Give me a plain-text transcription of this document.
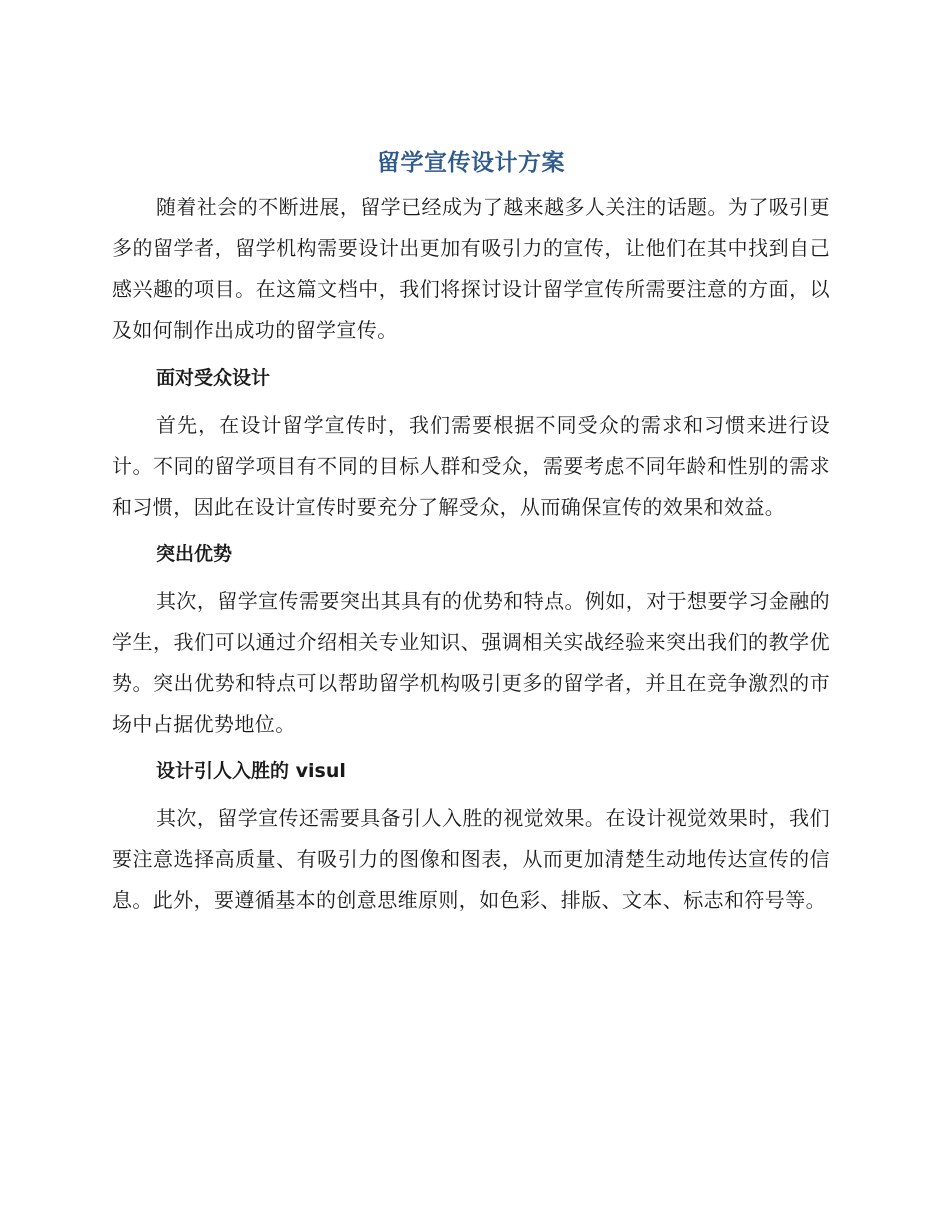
留学宣传设计方案

随着社会的不断进展，留学已经成为了越来越多人关注的话题。为了吸引更多的留学者，留学机构需要设计出更加有吸引力的宣传，让他们在其中找到自己感兴趣的项目。在这篇文档中，我们将探讨设计留学宣传所需要注意的方面，以及如何制作出成功的留学宣传。

面对受众设计

首先，在设计留学宣传时，我们需要根据不同受众的需求和习惯来进行设计。不同的留学项目有不同的目标人群和受众，需要考虑不同年龄和性别的需求和习惯，因此在设计宣传时要充分了解受众，从而确保宣传的效果和效益。

突出优势

其次，留学宣传需要突出其具有的优势和特点。例如，对于想要学习金融的学生，我们可以通过介绍相关专业知识、强调相关实战经验来突出我们的教学优势。突出优势和特点可以帮助留学机构吸引更多的留学者，并且在竞争激烈的市场中占据优势地位。

设计引人入胜的 visul

其次，留学宣传还需要具备引人入胜的视觉效果。在设计视觉效果时，我们要注意选择高质量、有吸引力的图像和图表，从而更加清楚生动地传达宣传的信息。此外，要遵循基本的创意思维原则，如色彩、排版、文本、标志和符号等。
